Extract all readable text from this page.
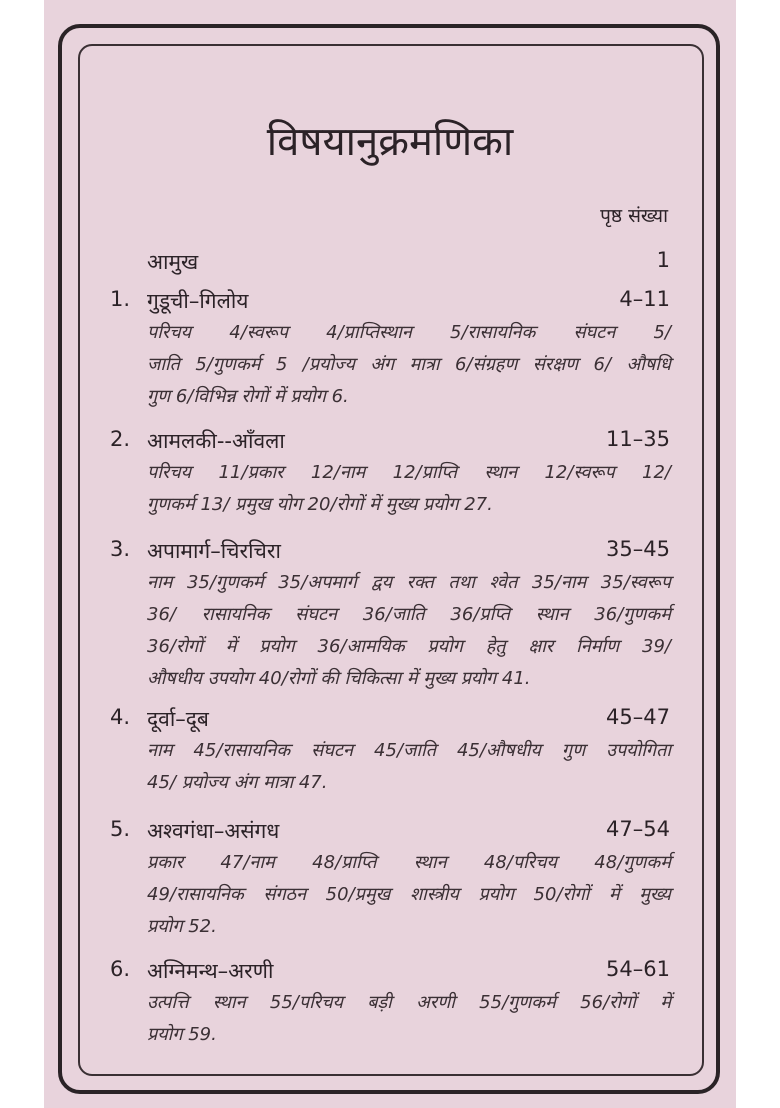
विषयानुक्रमणिका
पृष्ठ संख्या
आमुख	1
1. गुडूची–गिलोय	4–11
परिचय 4/स्वरूप 4/प्राप्तिस्थान 5/रासायनिक संघटन 5/
जाति 5/गुणकर्म 5 /प्रयोज्य अंग मात्रा 6/संग्रहण संरक्षण 6/ औषधि
गुण 6/विभिन्न रोगों में प्रयोग 6.
2. आमलकी--आँवला	11–35
परिचय 11/प्रकार 12/नाम 12/प्राप्ति स्थान 12/स्वरूप 12/
गुणकर्म 13/ प्रमुख योग 20/रोगों में मुख्य प्रयोग 27.
3. अपामार्ग–चिरचिरा	35–45
नाम 35/गुणकर्म 35/अपमार्ग द्वय रक्त तथा श्वेत 35/नाम 35/स्वरूप
36/ रासायनिक संघटन 36/जाति 36/प्रप्ति स्थान 36/गुणकर्म
36/रोगों में प्रयोग 36/आमयिक प्रयोग हेतु क्षार निर्माण 39/
औषधीय उपयोग 40/रोगों की चिकित्सा में मुख्य प्रयोग 41.
4. दूर्वा–दूब	45–47
नाम 45/रासायनिक संघटन 45/जाति 45/औषधीय गुण उपयोगिता
45/ प्रयोज्य अंग मात्रा 47.
5. अश्वगंधा–असंगध	47–54
प्रकार 47/नाम 48/प्राप्ति स्थान 48/परिचय 48/गुणकर्म
49/रासायनिक संगठन 50/प्रमुख शास्त्रीय प्रयोग 50/रोगों में मुख्य
प्रयोग 52.
6. अग्निमन्थ–अरणी	54–61
उत्पत्ति स्थान 55/परिचय बड़ी अरणी 55/गुणकर्म 56/रोगों में
प्रयोग 59.
